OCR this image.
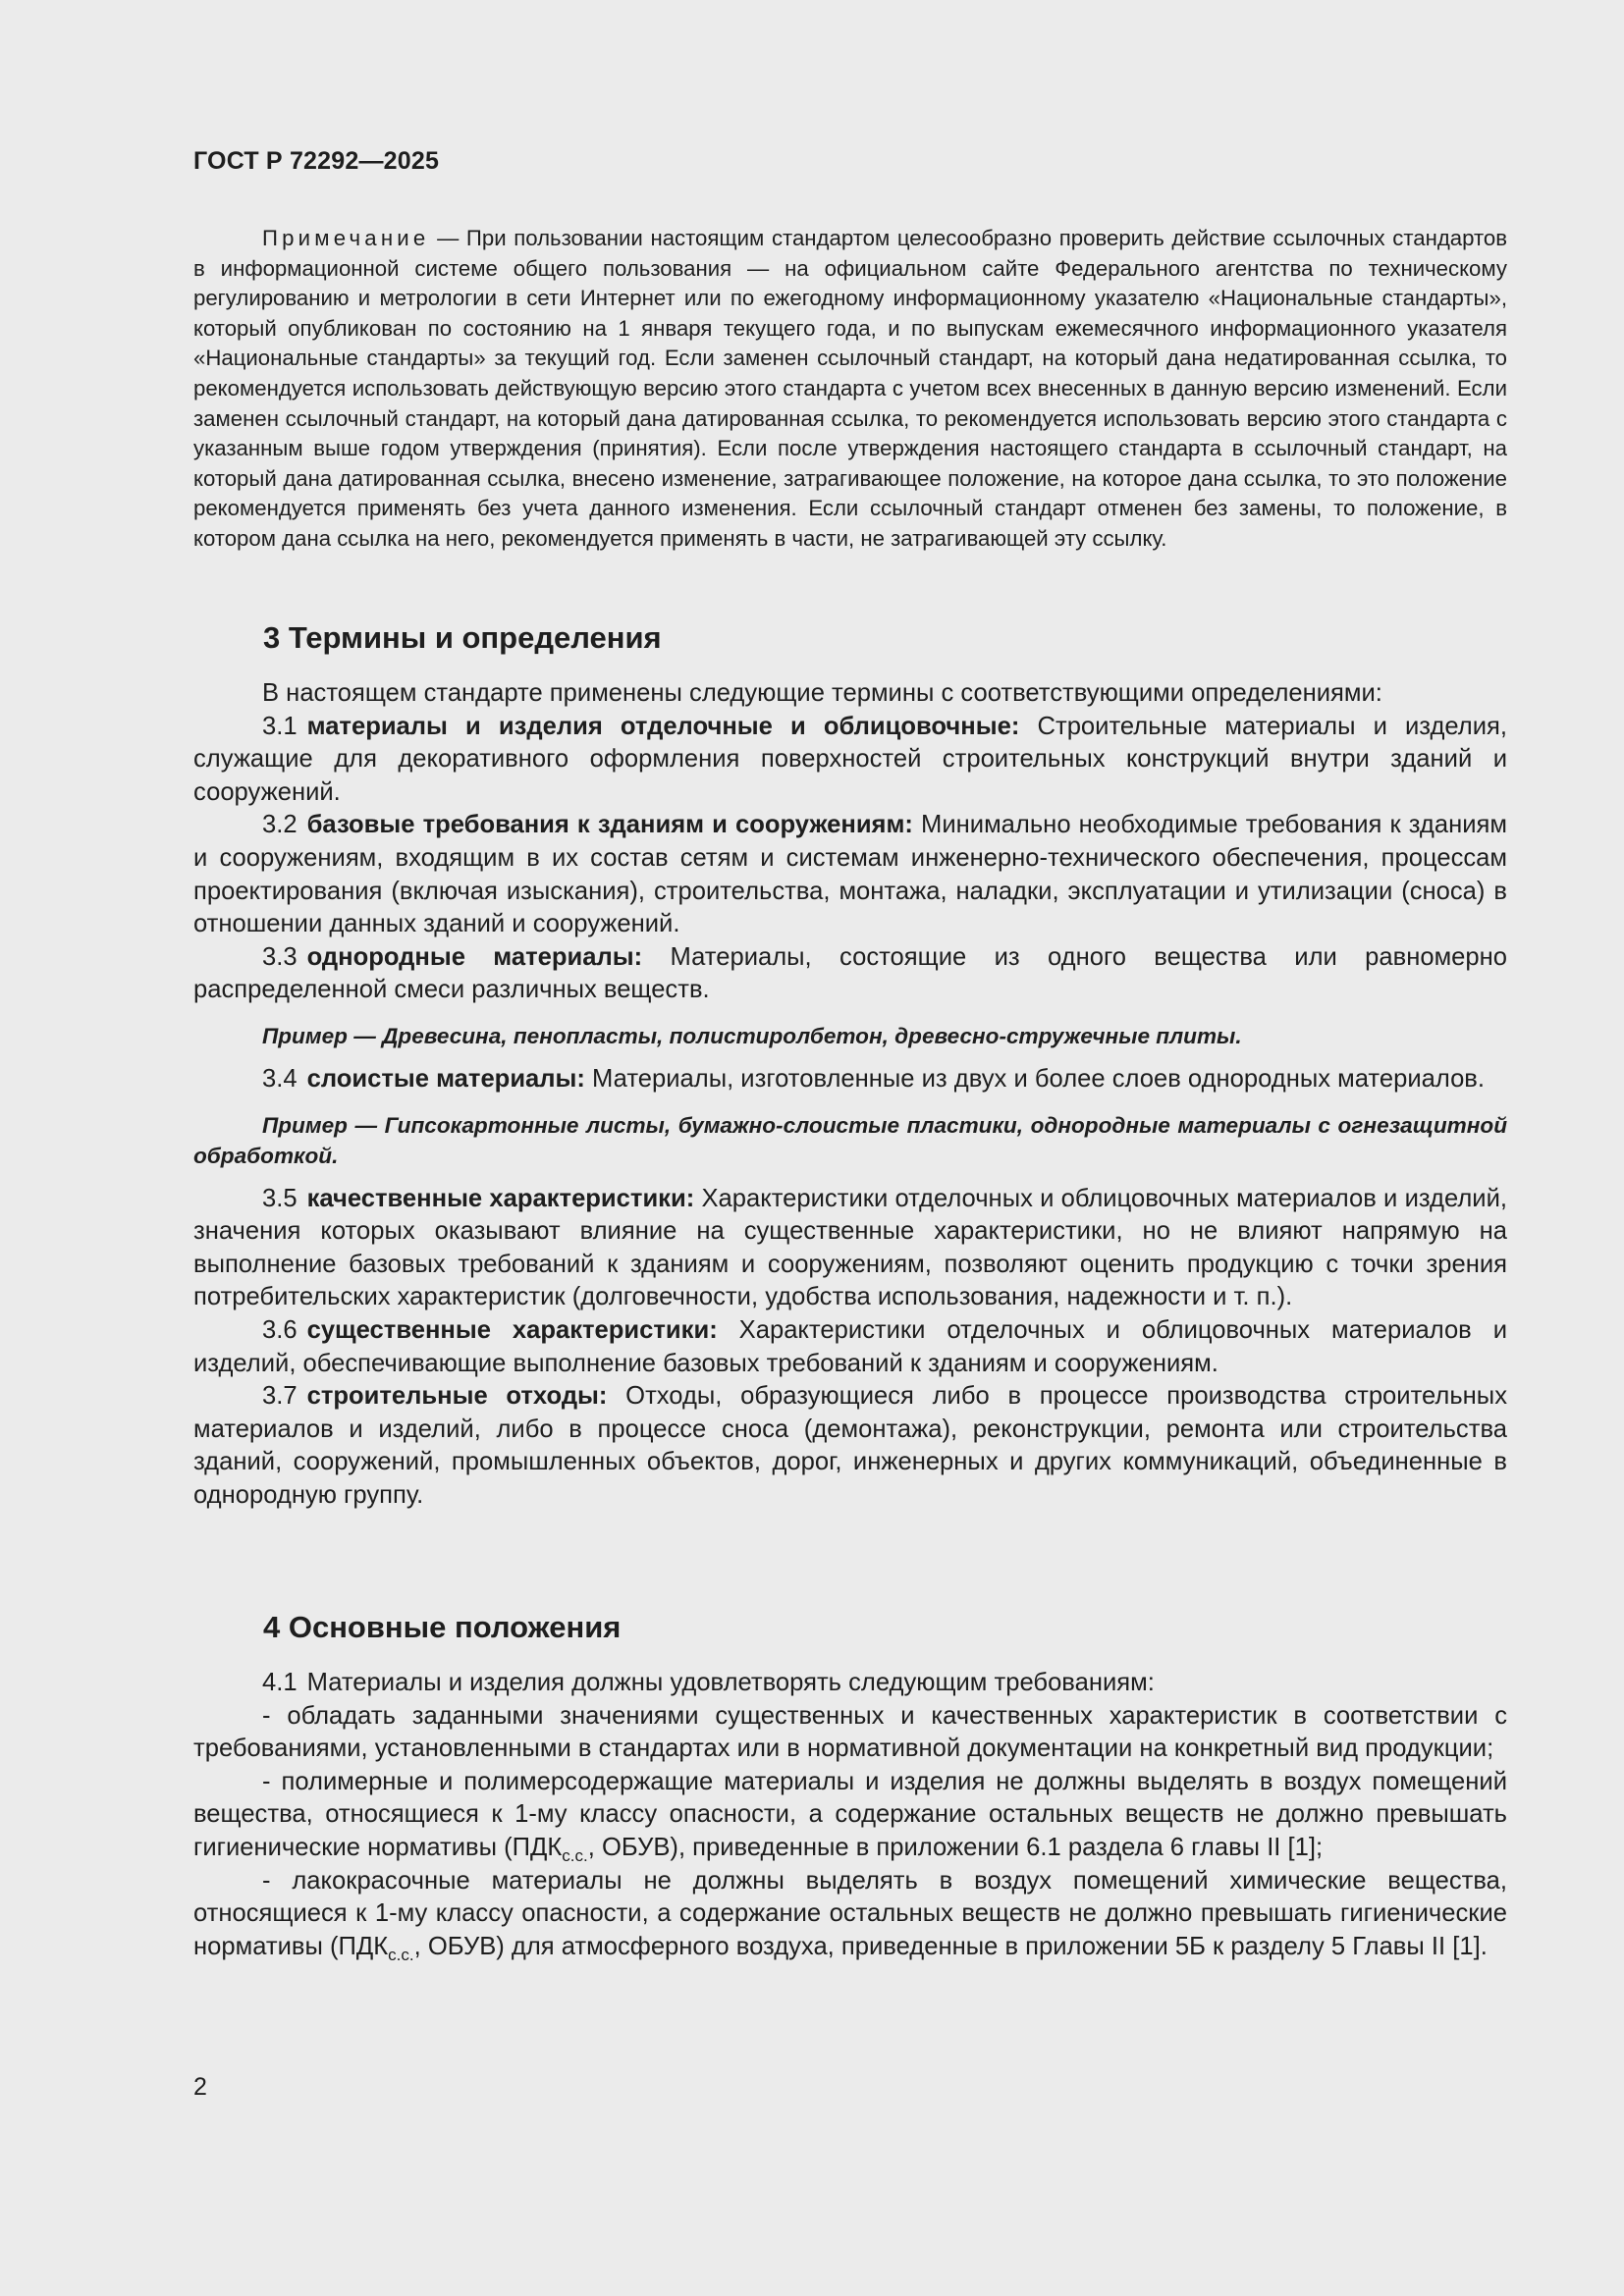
ГОСТ Р 72292—2025
Примечание — При пользовании настоящим стандартом целесообразно проверить действие ссылочных стандартов в информационной системе общего пользования — на официальном сайте Федерального агентства по техническому регулированию и метрологии в сети Интернет или по ежегодному информационному указателю «Национальные стандарты», который опубликован по состоянию на 1 января текущего года, и по выпускам ежемесячного информационного указателя «Национальные стандарты» за текущий год. Если заменен ссылочный стандарт, на который дана недатированная ссылка, то рекомендуется использовать действующую версию этого стандарта с учетом всех внесенных в данную версию изменений. Если заменен ссылочный стандарт, на который дана датированная ссылка, то рекомендуется использовать версию этого стандарта с указанным выше годом утверждения (принятия). Если после утверждения настоящего стандарта в ссылочный стандарт, на который дана датированная ссылка, внесено изменение, затрагивающее положение, на которое дана ссылка, то это положение рекомендуется применять без учета данного изменения. Если ссылочный стандарт отменен без замены, то положение, в котором дана ссылка на него, рекомендуется применять в части, не затрагивающей эту ссылку.
3 Термины и определения

В настоящем стандарте применены следующие термины с соответствующими определениями:

3.1 материалы и изделия отделочные и облицовочные: Строительные материалы и изделия, служащие для декоративного оформления поверхностей строительных конструкций внутри зданий и сооружений.

3.2 базовые требования к зданиям и сооружениям: Минимально необходимые требования к зданиям и сооружениям, входящим в их состав сетям и системам инженерно-технического обеспечения, процессам проектирования (включая изыскания), строительства, монтажа, наладки, эксплуатации и утилизации (сноса) в отношении данных зданий и сооружений.

3.3 однородные материалы: Материалы, состоящие из одного вещества или равномерно распределенной смеси различных веществ.

Пример — Древесина, пенопласты, полистиролбетон, древесно-стружечные плиты.

3.4 слоистые материалы: Материалы, изготовленные из двух и более слоев однородных материалов.

Пример — Гипсокартонные листы, бумажно-слоистые пластики, однородные материалы с огнезащитной обработкой.

3.5 качественные характеристики: Характеристики отделочных и облицовочных материалов и изделий, значения которых оказывают влияние на существенные характеристики, но не влияют напрямую на выполнение базовых требований к зданиям и сооружениям, позволяют оценить продукцию с точки зрения потребительских характеристик (долговечности, удобства использования, надежности и т. п.).

3.6 существенные характеристики: Характеристики отделочных и облицовочных материалов и изделий, обеспечивающие выполнение базовых требований к зданиям и сооружениям.

3.7 строительные отходы: Отходы, образующиеся либо в процессе производства строительных материалов и изделий, либо в процессе сноса (демонтажа), реконструкции, ремонта или строительства зданий, сооружений, промышленных объектов, дорог, инженерных и других коммуникаций, объединенные в однородную группу.

4 Основные положения

4.1 Материалы и изделия должны удовлетворять следующим требованиям:

- обладать заданными значениями существенных и качественных характеристик в соответствии с требованиями, установленными в стандартах или в нормативной документации на конкретный вид продукции;

- полимерные и полимерсодержащие материалы и изделия не должны выделять в воздух помещений вещества, относящиеся к 1-му классу опасности, а содержание остальных веществ не должно превышать гигиенические нормативы ($ПДК_{с.с.}$, ОБУВ), приведенные в приложении 6.1 раздела 6 главы II [1];

- лакокрасочные материалы не должны выделять в воздух помещений химические вещества, относящиеся к 1-му классу опасности, а содержание остальных веществ не должно превышать гигиенические нормативы ($ПДК_{с.с.}$, ОБУВ) для атмосферного воздуха, приведенные в приложении 5Б к разделу 5 Главы II [1].

2
